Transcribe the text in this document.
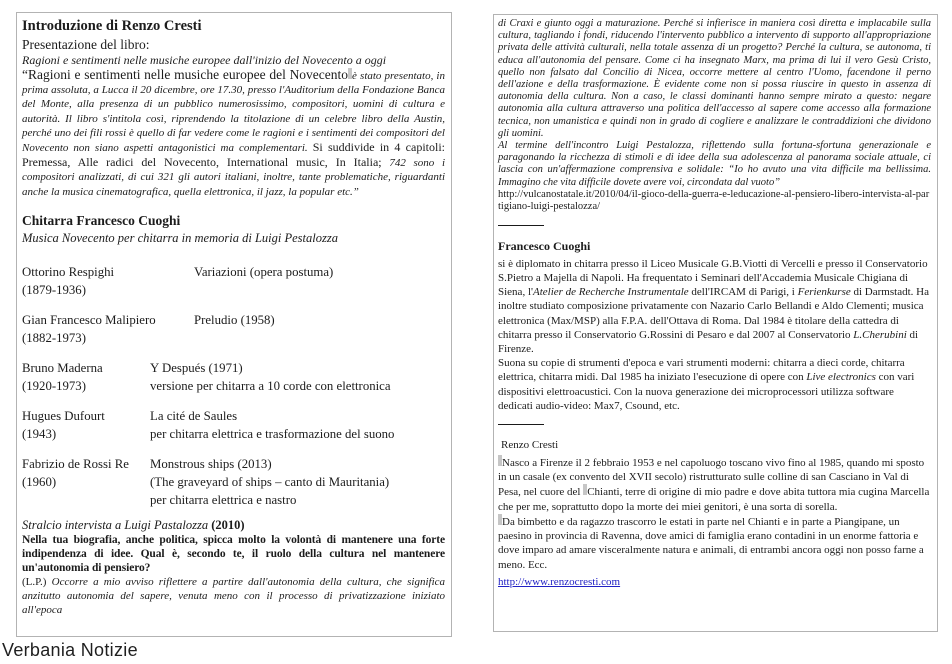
Introduzione di Renzo Cresti
Presentazione del libro:
Ragioni e sentimenti nelle musiche europee dall'inizio del Novecento a oggi
“Ragioni e sentimenti nelle musiche europee del Novecento è stato presentato, in prima assoluta, a Lucca il 20 dicembre, ore 17.30, presso l'Auditorium della Fondazione Banca del Monte, alla presenza di un pubblico numerosissimo, compositori, uomini di cultura e autorità. Il libro s'intitola così, riprendendo la titolazione di un celebre libro della Austin, perché uno dei fili rossi è quello di far vedere come le ragioni e i sentimenti dei compositori del Novecento non siano aspetti antagonistici ma complementari. Si suddivide in 4 capitoli: Premessa, Alle radici del Novecento, International music, In Italia; 742 sono i compositori analizzati, di cui 321 gli autori italiani, inoltre, tante problematiche, riguardanti anche la musica cinematografica, quella elettronica, il jazz, la popular etc.”
Chitarra Francesco Cuoghi
Musica Novecento per chitarra in memoria di Luigi Pestalozza
Ottorino Respighi
(1879-1936)
Variazioni (opera postuma)
Gian Francesco Malipiero
(1882-1973)
Preludio (1958)
Bruno Maderna
(1920-1973)
Y Después (1971)
versione per chitarra a 10 corde con elettronica
Hugues Dufourt
(1943)
La cité de Saules
per chitarra elettrica e trasformazione del suono
Fabrizio de Rossi Re
(1960)
Monstrous ships (2013)
(The graveyard of ships – canto di Mauritania)
per chitarra elettrica e nastro
Stralcio intervista a Luigi Pastalozza (2010)
Nella tua biografia, anche politica, spicca molto la volontà di mantenere una forte indipendenza di idee. Qual è, secondo te, il ruolo della cultura nel mantenere un'autonomia di pensiero?
(L.P.) Occorre a mio avviso riflettere a partire dall'autonomia della cultura, che significa anzitutto autonomia del sapere, venuta meno con il processo di privatizzazione iniziato all'epoca
di Craxi e giunto oggi a maturazione. Perché si infierisce in maniera così diretta e implacabile sulla cultura, tagliando i fondi, riducendo l'intervento pubblico a intervento di supporto all'appropriazione privata delle attività culturali, nella totale assenza di un progetto? Perché la cultura, se autonoma, ti educa all'autonomia del pensare. Come ci ha insegnato Marx, ma prima di lui il vero Gesù Cristo, quello non falsato dal Concilio di Nicea, occorre mettere al centro l'Uomo, facendone il perno dell'azione e della trasformazione. È evidente come non si possa riuscire in questo in assenza di autonomia della cultura. Non a caso, le classi dominanti hanno sempre mirato a questo: negare autonomia alla cultura attraverso una politica dell'accesso al sapere come accesso alla formazione tecnica, non umanistica e quindi non in grado di cogliere e analizzare le contraddizioni che dividono gli uomini.
Al termine dell'incontro Luigi Pestalozza, riflettendo sulla fortuna-sfortuna generazionale e paragonando la ricchezza di stimoli e di idee della sua adolescenza al panorama sociale attuale, ci lascia con un'affermazione comprensiva e solidale: “Io ho avuto una vita difficile ma bellissima. Immagino che vita difficile dovete avere voi, circondata dal vuoto”
http://vulcanostatale.it/2010/04/il-gioco-della-guerra-e-leducazione-al-pensiero-libero-intervista-al-partigiano-luigi-pestalozza/
Francesco Cuoghi
si è diplomato in chitarra presso il Liceo Musicale G.B.Viotti di Vercelli e presso il Conservatorio S.Pietro a Majella di Napoli. Ha frequentato i Seminari dell'Accademia Musicale Chigiana di Siena, l'Atelier de Recherche Instrumentale dell'IRCAM di Parigi, i Ferienkurse di Darmstadt. Ha inoltre studiato composizione privatamente con Nazario Carlo Bellandi e Aldo Clementi; musica elettronica (Max/MSP) alla F.P.A. dell'Ottava di Roma. Dal 1984 è titolare della cattedra di chitarra presso il Conservatorio G.Rossini di Pesaro e dal 2007 al Conservatorio L.Cherubini di Firenze.
Suona su copie di strumenti d'epoca e vari strumenti moderni: chitarra a dieci corde, chitarra elettrica, chitarra midi. Dal 1985 ha iniziato l'esecuzione di opere con Live electronics con vari dispositivi elettroacustici. Con la nuova generazione dei microprocessori utilizza software dedicati audio-video: Max7, Csound, etc.
Renzo Cresti
Nasco a Firenze il 2 febbraio 1953 e nel capoluogo toscano vivo fino al 1985, quando mi sposto in un casale (ex convento del XVII secolo) ristrutturato sulle colline di san Casciano in Val di Pesa, nel cuore del Chianti, terre di origine di mio padre e dove abita tuttora mia cugina Marcella che per me, soprattutto dopo la morte dei miei genitori, è una sorta di sorella.
Da bimbetto e da ragazzo trascorro le estati in parte nel Chianti e in parte a Piangipane, un paesino in provincia di Ravenna, dove amici di famiglia erano contadini in un enorme fattoria e dove imparo ad amare visceralmente natura e animali, di entrambi ancora oggi non posso farne a meno. Ecc.
http://www.renzocresti.com
Verbania Notizie
